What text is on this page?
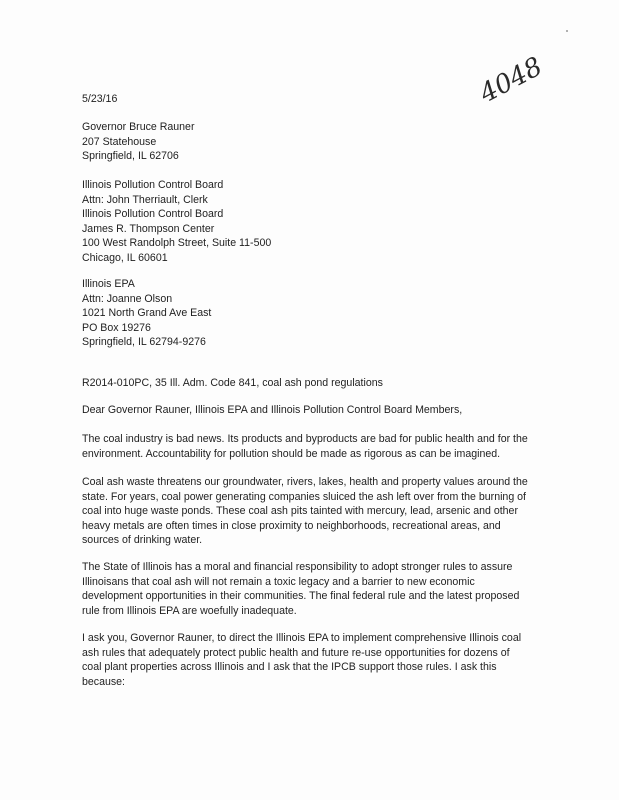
4048
5/23/16
Governor Bruce Rauner
207 Statehouse
Springfield, IL 62706
Illinois Pollution Control Board
Attn: John Therriault, Clerk
Illinois Pollution Control Board
James R. Thompson Center
100 West Randolph Street, Suite 11-500
Chicago, IL 60601
Illinois EPA
Attn: Joanne Olson
1021 North Grand Ave East
PO Box 19276
Springfield, IL 62794-9276
R2014-010PC, 35 Ill. Adm. Code 841, coal ash pond regulations
Dear Governor Rauner, Illinois EPA and Illinois Pollution Control Board Members,
The coal industry is bad news. Its products and byproducts are bad for public health and for the
environment. Accountability for pollution should be made as rigorous as can be imagined.
Coal ash waste threatens our groundwater, rivers, lakes, health and property values around the
state. For years, coal power generating companies sluiced the ash left over from the burning of
coal into huge waste ponds. These coal ash pits tainted with mercury, lead, arsenic and other
heavy metals are often times in close proximity to neighborhoods, recreational areas, and
sources of drinking water.
The State of Illinois has a moral and financial responsibility to adopt stronger rules to assure
Illinoisans that coal ash will not remain a toxic legacy and a barrier to new economic
development opportunities in their communities. The final federal rule and the latest proposed
rule from Illinois EPA are woefully inadequate.
I ask you, Governor Rauner, to direct the Illinois EPA to implement comprehensive Illinois coal
ash rules that adequately protect public health and future re-use opportunities for dozens of
coal plant properties across Illinois and I ask that the IPCB support those rules. I ask this
because:
